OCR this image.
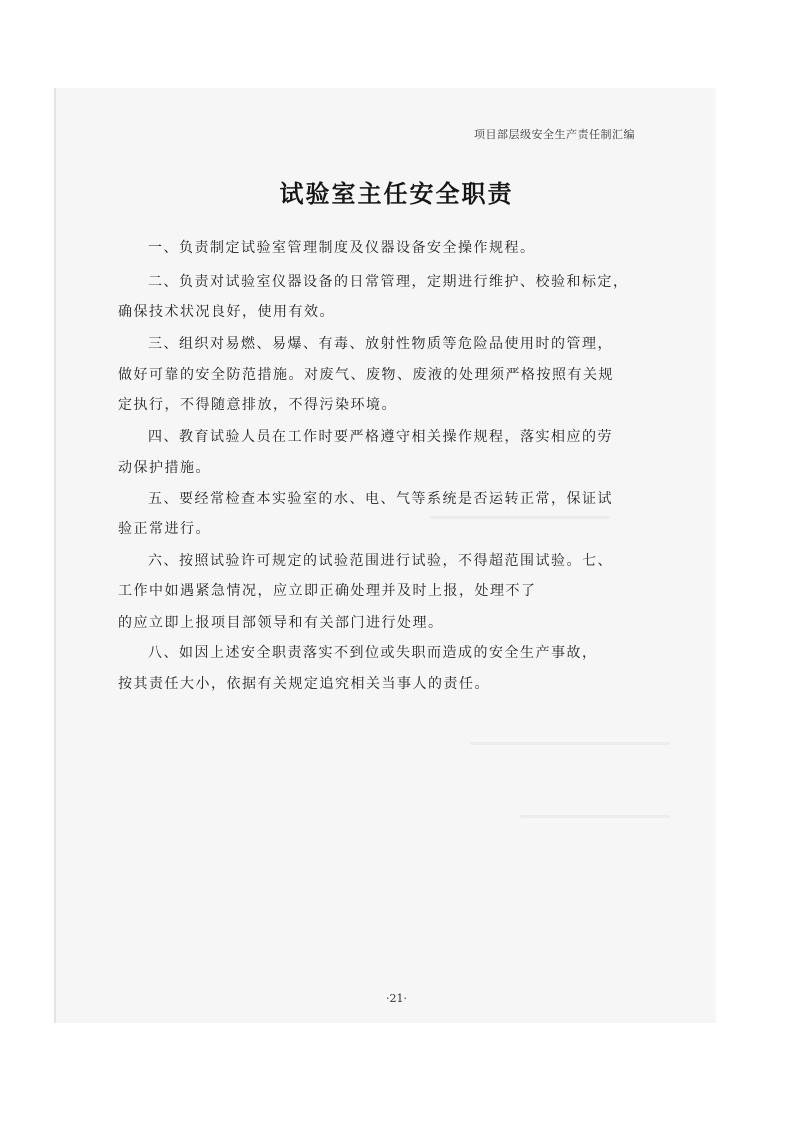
项目部层级安全生产责任制汇编
试验室主任安全职责
一、负责制定试验室管理制度及仪器设备安全操作规程。
二、负责对试验室仪器设备的日常管理，定期进行维护、校验和标定，
确保技术状况良好，使用有效。
三、组织对易燃、易爆、有毒、放射性物质等危险品使用时的管理，
做好可靠的安全防范措施。对废气、废物、废液的处理须严格按照有关规
定执行，不得随意排放，不得污染环境。
四、教育试验人员在工作时要严格遵守相关操作规程，落实相应的劳
动保护措施。
五、要经常检查本实验室的水、电、气等系统是否运转正常，保证试
验正常进行。
六、按照试验许可规定的试验范围进行试验，不得超范围试验。七、
工作中如遇紧急情况，应立即正确处理并及时上报，处理不了
的应立即上报项目部领导和有关部门进行处理。
八、如因上述安全职责落实不到位或失职而造成的安全生产事故，
按其责任大小，依据有关规定追究相关当事人的责任。
·21·
